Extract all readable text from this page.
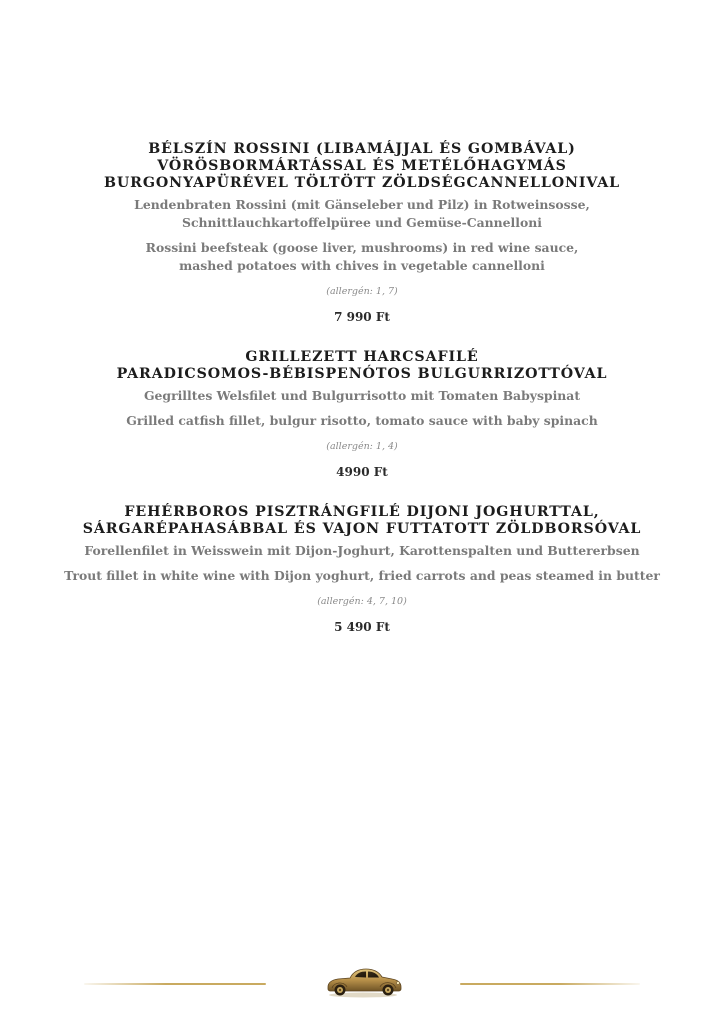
BÉLSZÍN ROSSINI (LIBAMÁJJAL ÉS GOMBÁVAL)
VÖRÖSBORMÁRTÁSSAL ÉS METÉLŐHAGYMÁS
BURGONYAPÜRÉVEL TÖLTÖTT ZÖLDSÉGCANNELLONIVAL
Lendenbraten Rossini (mit Gänseleber und Pilz) in Rotweinsosse,
Schnittlauchkartoffelpüree und Gemüse-Cannelloni
Rossini beefsteak (goose liver, mushrooms) in red wine sauce,
mashed potatoes with chives in vegetable cannelloni
(allergén: 1, 7)
7 990 Ft
GRILLEZETT HARCSAFILÉ
PARADICSOMOS-BÉBISPENÓTOS BULGURRIZOTTÓVAL
Gegrilltes Welsfilet und Bulgurrisotto mit Tomaten Babyspinat
Grilled catfish fillet, bulgur risotto, tomato sauce with baby spinach
(allergén: 1, 4)
4990 Ft
FEHÉRBOROS PISZTRÁNGFILÉ DIJONI JOGHURTTAL,
SÁRGARÉPAHASÁBBAL ÉS VAJON FUTTATOTT ZÖLDBORSÓVAL
Forellenfilet in Weisswein mit Dijon-Joghurt, Karottenspalten und Buttererbsen
Trout fillet in white wine with Dijon yoghurt, fried carrots and peas steamed in butter
(allergén: 4, 7, 10)
5 490 Ft
